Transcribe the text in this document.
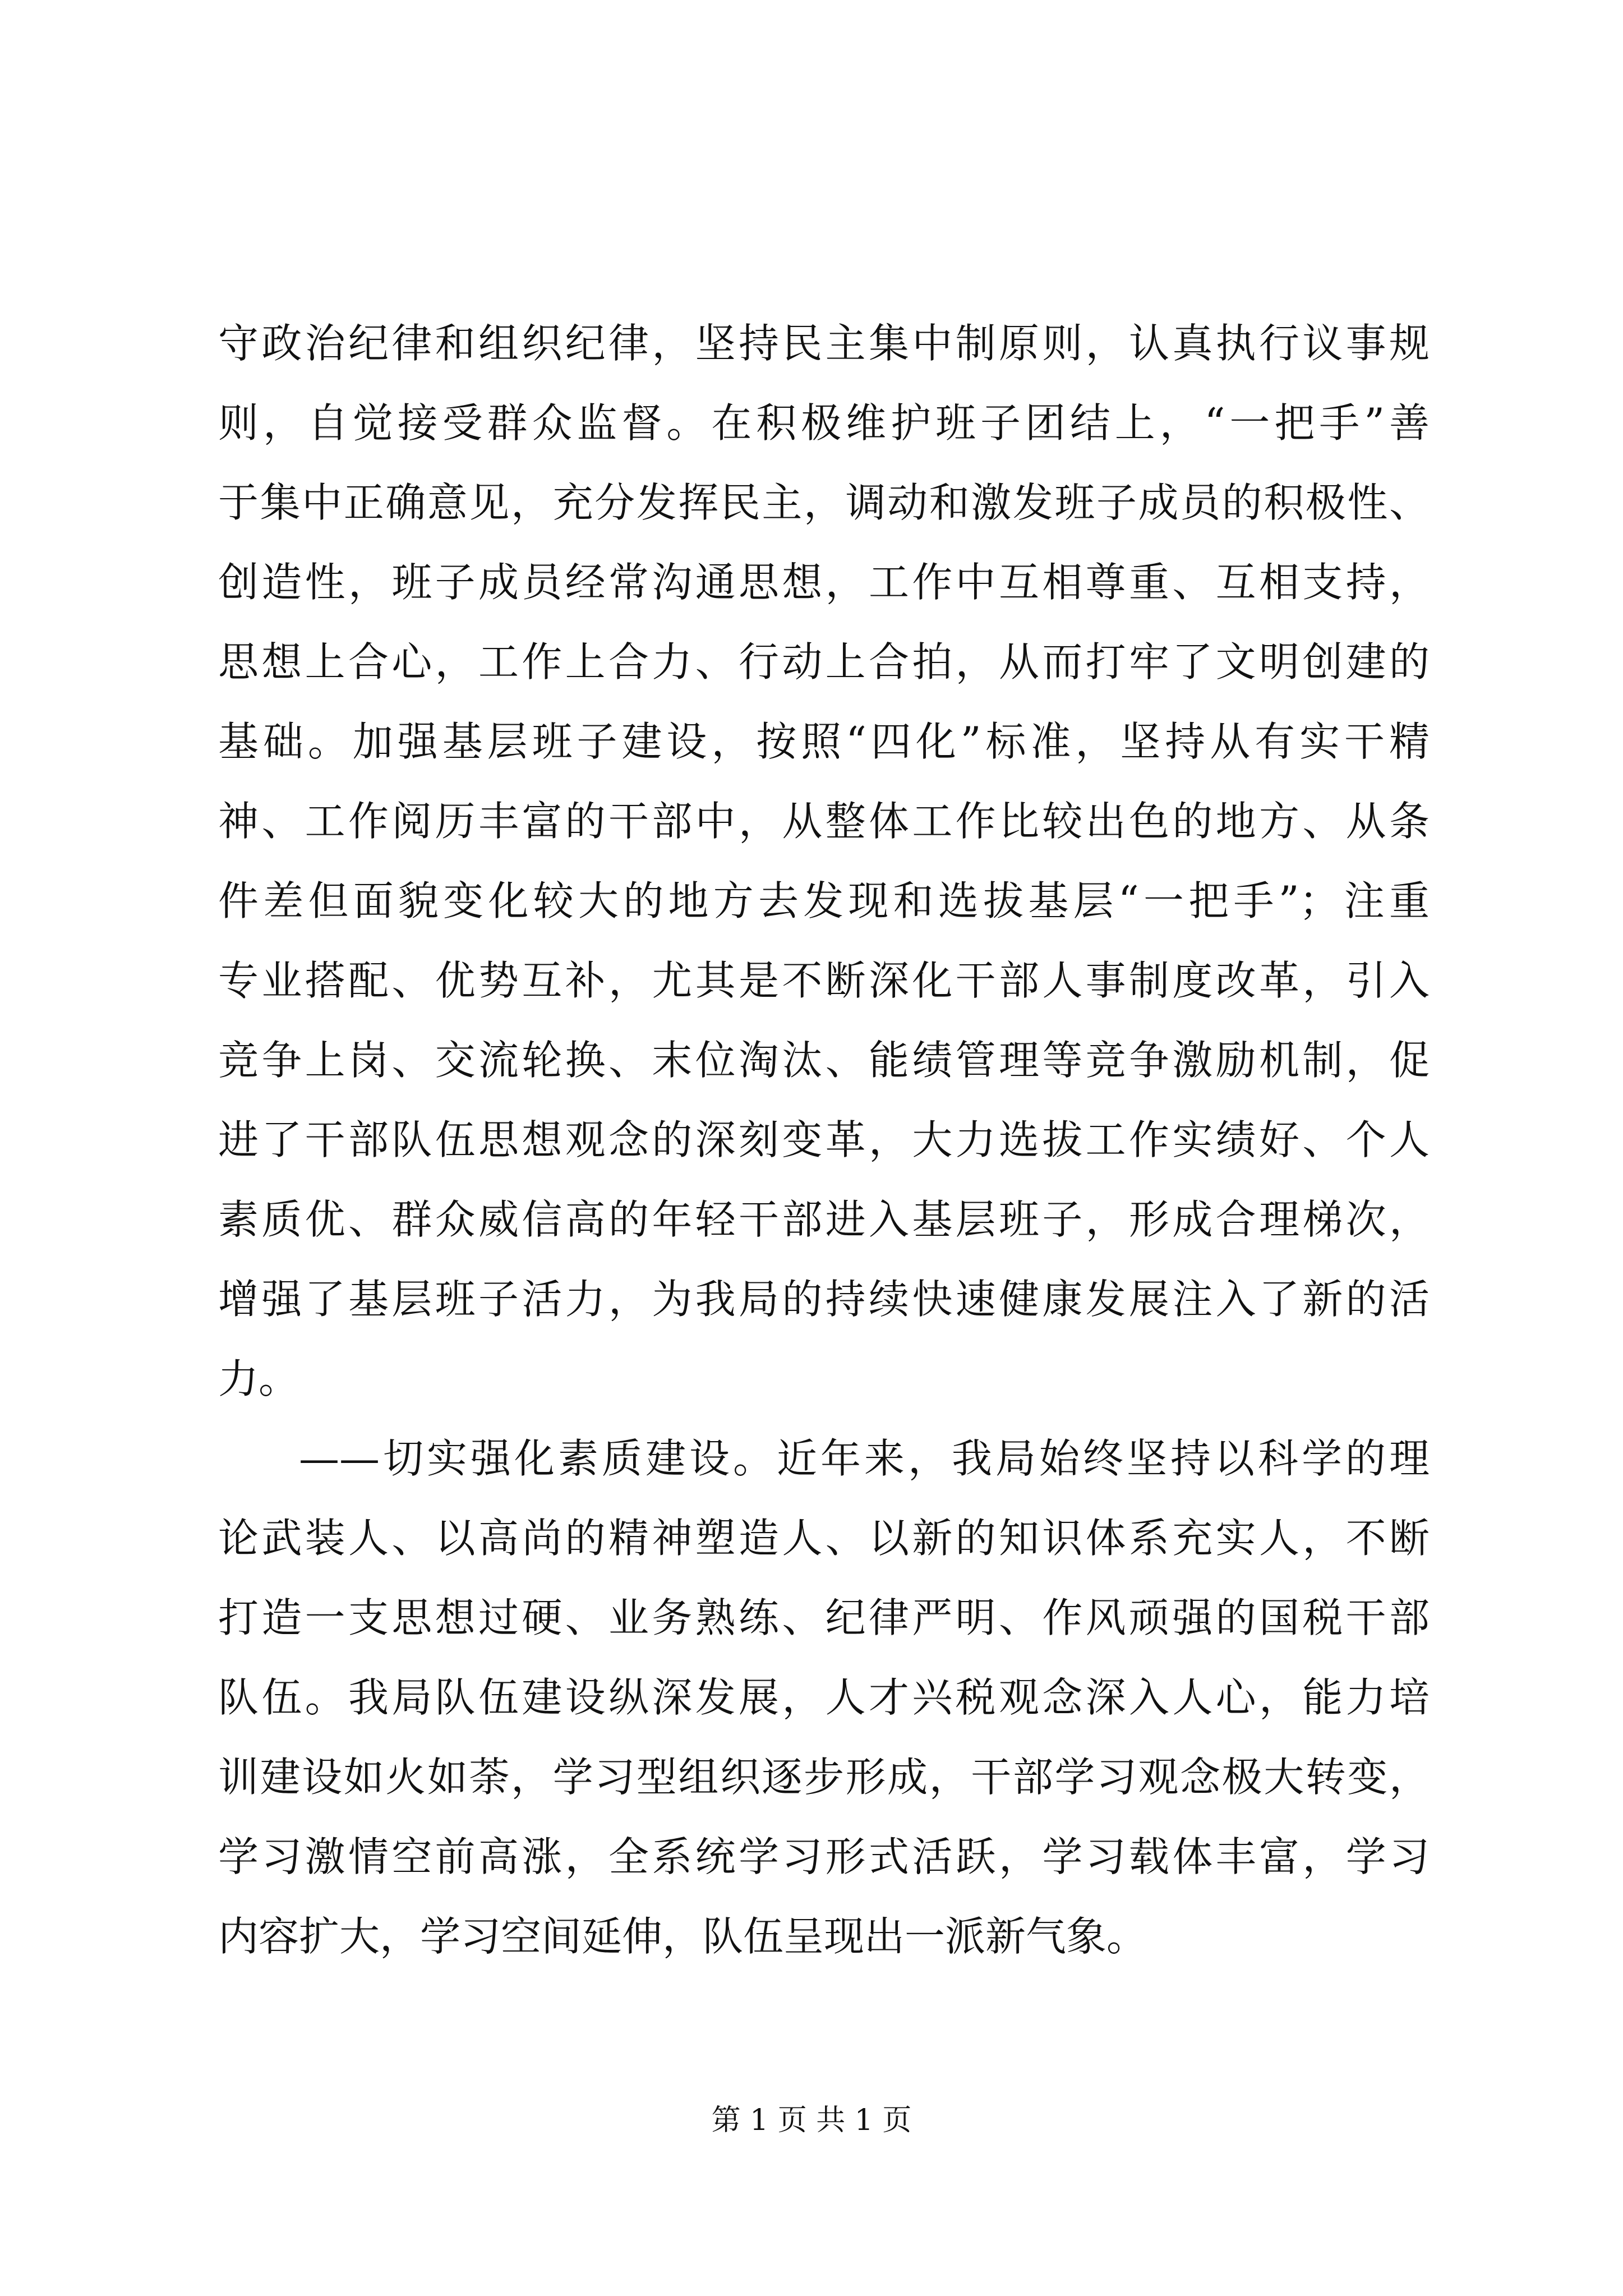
守政治纪律和组织纪律，坚持民主集中制原则，认真执行议事规
则，自觉接受群众监督。在积极维护班子团结上，“一把手”善
于集中正确意见，充分发挥民主，调动和激发班子成员的积极性、
创造性，班子成员经常沟通思想，工作中互相尊重、互相支持，
思想上合心，工作上合力、行动上合拍，从而打牢了文明创建的
基础。加强基层班子建设，按照“四化”标准，坚持从有实干精
神、工作阅历丰富的干部中，从整体工作比较出色的地方、从条
件差但面貌变化较大的地方去发现和选拔基层“一把手”；注重
专业搭配、优势互补，尤其是不断深化干部人事制度改革，引入
竞争上岗、交流轮换、末位淘汰、能绩管理等竞争激励机制，促
进了干部队伍思想观念的深刻变革，大力选拔工作实绩好、个人
素质优、群众威信高的年轻干部进入基层班子，形成合理梯次，
增强了基层班子活力，为我局的持续快速健康发展注入了新的活
力。
——切实强化素质建设。近年来，我局始终坚持以科学的理
论武装人、以高尚的精神塑造人、以新的知识体系充实人，不断
打造一支思想过硬、业务熟练、纪律严明、作风顽强的国税干部
队伍。我局队伍建设纵深发展，人才兴税观念深入人心，能力培
训建设如火如荼，学习型组织逐步形成，干部学习观念极大转变，
学习激情空前高涨，全系统学习形式活跃，学习载体丰富，学习
内容扩大，学习空间延伸，队伍呈现出一派新气象。
第 1 页 共 1 页
